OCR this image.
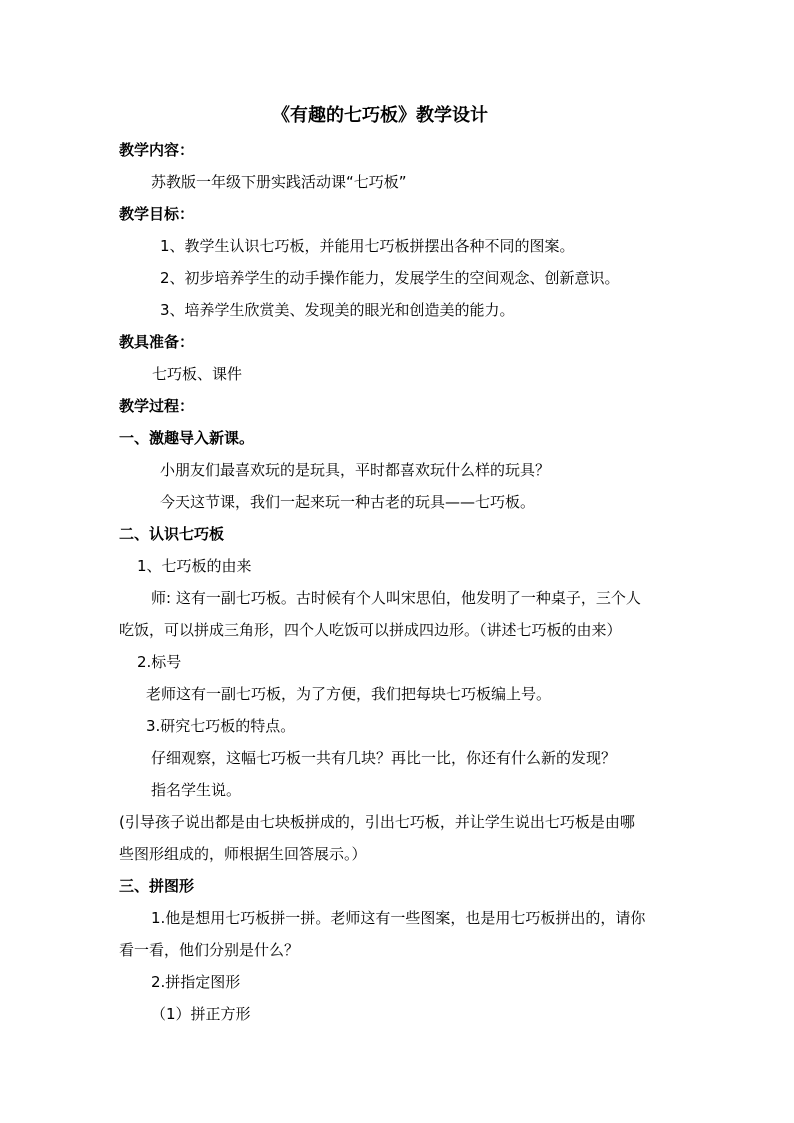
《有趣的七巧板》教学设计
教学内容：
苏教版一年级下册实践活动课“七巧板”
教学目标：
1、教学生认识七巧板，并能用七巧板拼摆出各种不同的图案。
2、初步培养学生的动手操作能力，发展学生的空间观念、创新意识。
3、培养学生欣赏美、发现美的眼光和创造美的能力。
教具准备：
七巧板、课件
教学过程：
一、激趣导入新课。
小朋友们最喜欢玩的是玩具，平时都喜欢玩什么样的玩具？
今天这节课，我们一起来玩一种古老的玩具——七巧板。
二、认识七巧板
1、七巧板的由来
师: 这有一副七巧板。古时候有个人叫宋思伯，他发明了一种桌子，三个人
吃饭，可以拼成三角形，四个人吃饭可以拼成四边形。（讲述七巧板的由来）
2.标号
老师这有一副七巧板，为了方便，我们把每块七巧板编上号。
3.研究七巧板的特点。
仔细观察，这幅七巧板一共有几块？再比一比，你还有什么新的发现？
指名学生说。
(引导孩子说出都是由七块板拼成的，引出七巧板，并让学生说出七巧板是由哪
些图形组成的，师根据生回答展示。）
三、拼图形
1.他是想用七巧板拼一拼。老师这有一些图案，也是用七巧板拼出的，请你
看一看，他们分别是什么？
2.拼指定图形
（1）拼正方形
